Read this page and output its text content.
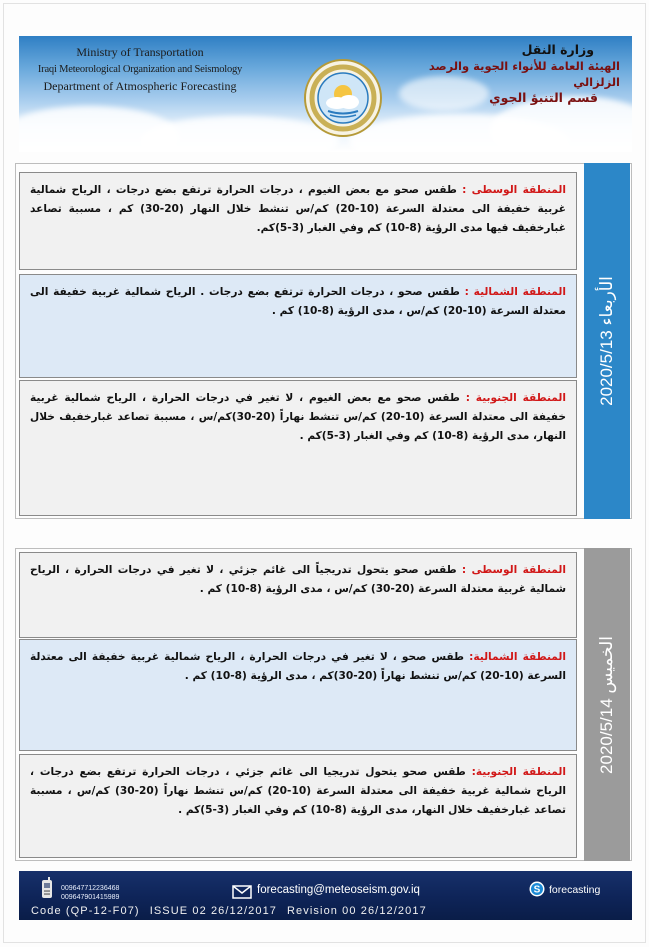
Ministry of Transportation
Iraqi Meteorological Organization and Seismology
Department of Atmospheric Forecasting
وزارة النقل
الهيئة العامة للأنواء الجوية والرصد الزلزالي
قسم التنبؤ الجوي
الأربعاء 2020/5/13
المنطقة الوسطى : طقس صحو مع بعض الغيوم ، درجات الحرارة ترتفع بضع درجات ، الرياح شمالية غربية خفيفة الى معتدلة السرعة (10-20) كم/س تنشط خلال النهار (20-30) كم ، مسببة تصاعد غبارخفيف فيها مدى الرؤية (8-10) كم وفي الغبار (3-5)كم.
المنطقة الشمالية : طقس صحو ، درجات الحرارة ترتفع بضع درجات . الرياح شمالية غربية خفيفة الى معتدلة السرعة (10-20) كم/س ، مدى الرؤية (8-10) كم .
المنطقة الجنوبية : طقس صحو مع بعض الغيوم ، لا تغير في درجات الحرارة ، الرياح شمالية غربية خفيفة الى معتدلة السرعة (10-20) كم/س تنشط نهاراً (20-30)كم/س ، مسببة تصاعد غبارخفيف خلال النهار، مدى الرؤية (8-10) كم وفي الغبار (3-5)كم .
الخميس 2020/5/14
المنطقة الوسطى : طقس صحو يتحول تدريجياً الى غائم جزئي ، لا تغير في درجات الحرارة ، الرياح شمالية غربية معتدلة السرعة (20-30) كم/س ، مدى الرؤية (8-10) كم .
المنطقة الشمالية: طقس صحو ، لا تغير في درجات الحرارة ، الرياح شمالية غربية خفيفة الى معتدلة السرعة (10-20) كم/س تنشط نهاراً (20-30)كم ، مدى الرؤية (8-10) كم .
المنطقة الجنوبية: طقس صحو يتحول تدريجيا الى غائم جزئي ، درجات الحرارة ترتفع بضع درجات ، الرياح شمالية غربية خفيفة الى معتدلة السرعة (10-20) كم/س تنشط نهاراً (20-30) كم/س ، مسببة تصاعد غبارخفيف خلال النهار، مدى الرؤية (8-10) كم وفي الغبار (3-5)كم .
009647712236468
009647901415989
forecasting@meteoseism.gov.iq	S forecasting
Code (QP-12-F07) ISSUE 02 26/12/2017 Revision 00 26/12/2017
